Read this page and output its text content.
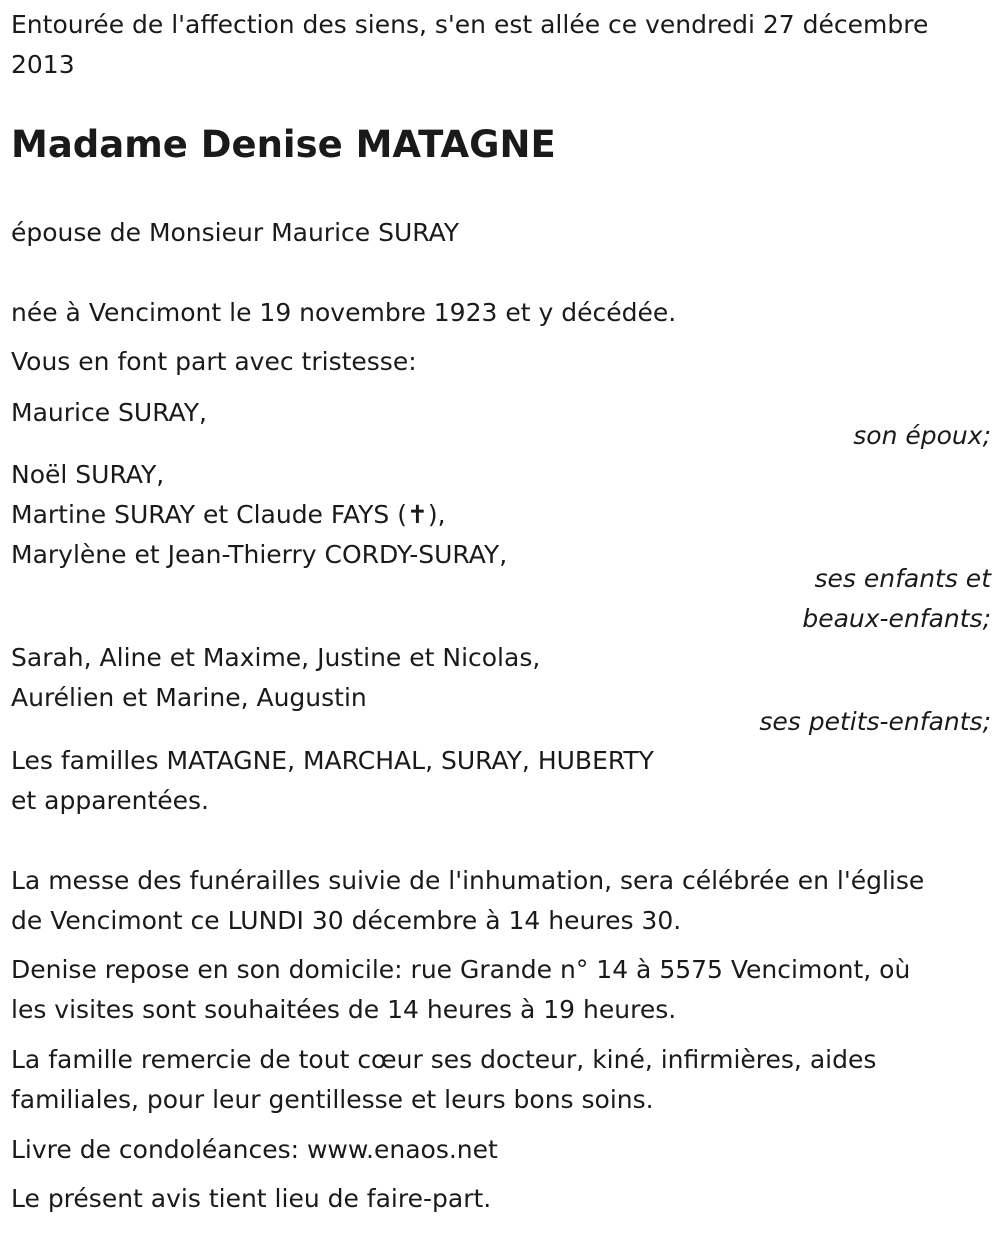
Entourée de l'affection des siens, s'en est allée ce vendredi 27 décembre
2013
Madame Denise MATAGNE
épouse de Monsieur Maurice SURAY
née à Vencimont le 19 novembre 1923 et y décédée.
Vous en font part avec tristesse:
Maurice SURAY,
son époux;
Noël SURAY,
Martine SURAY et Claude FAYS (✝),
Marylène et Jean-Thierry CORDY-SURAY,
ses enfants et
beaux-enfants;
Sarah, Aline et Maxime, Justine et Nicolas,
Aurélien et Marine, Augustin
ses petits-enfants;
Les familles MATAGNE, MARCHAL, SURAY, HUBERTY
et apparentées.
La messe des funérailles suivie de l'inhumation, sera célébrée en l'église
de Vencimont ce LUNDI 30 décembre à 14 heures 30.
Denise repose en son domicile: rue Grande n° 14 à 5575 Vencimont, où
les visites sont souhaitées de 14 heures à 19 heures.
La famille remercie de tout cœur ses docteur, kiné, infirmières, aides
familiales, pour leur gentillesse et leurs bons soins.
Livre de condoléances: www.enaos.net
Le présent avis tient lieu de faire-part.
